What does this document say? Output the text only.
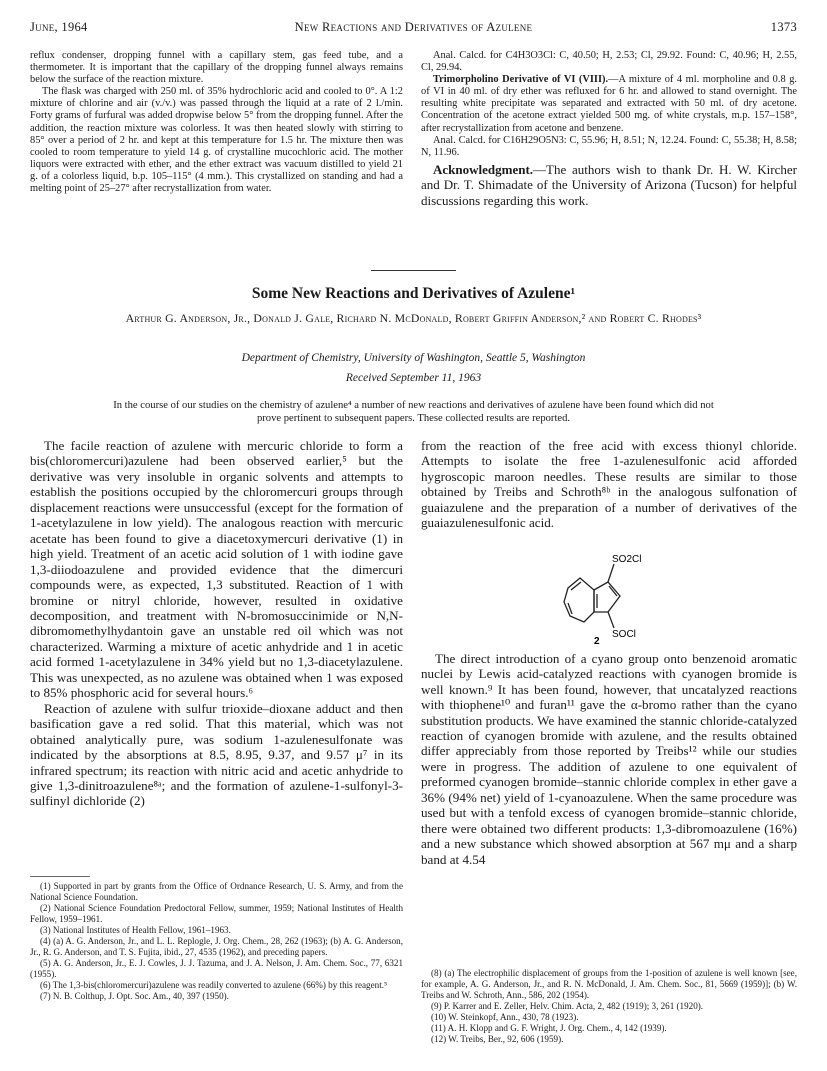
June, 1964	New Reactions and Derivatives of Azulene	1373

reflux condenser, dropping funnel with a capillary stem, gas feed tube, and a thermometer. It is important that the capillary of the dropping funnel always remains below the surface of the reaction mixture.

The flask was charged with 250 ml. of 35% hydrochloric acid and cooled to 0°. A 1:2 mixture of chlorine and air (v./v.) was passed through the liquid at a rate of 2 l./min. Forty grams of furfural was added dropwise below 5° from the dropping funnel. After the addition, the reaction mixture was colorless. It was then heated slowly with stirring to 85° over a period of 2 hr. and kept at this temperature for 1.5 hr. The mixture then was cooled to room temperature to yield 14 g. of crystalline mucochloric acid. The mother liquors were extracted with ether, and the ether extract was vacuum distilled to yield 21 g. of a colorless liquid, b.p. 105–115° (4 mm.). This crystallized on standing and had a melting point of 25–27° after recrystallization from water.

Anal. Calcd. for C4H3O3Cl: C, 40.50; H, 2.53; Cl, 29.92. Found: C, 40.96; H, 2.55, Cl, 29.94.

Trimorpholino Derivative of VI (VIII).—A mixture of 4 ml. morpholine and 0.8 g. of VI in 40 ml. of dry ether was refluxed for 6 hr. and allowed to stand overnight. The resulting white precipitate was separated and extracted with 50 ml. of dry acetone. Concentration of the acetone extract yielded 500 mg. of white crystals, m.p. 157–158°, after recrystallization from acetone and benzene.

Anal. Calcd. for C16H29O5N3: C, 55.96; H, 8.51; N, 12.24. Found: C, 55.38; H, 8.58; N, 11.96.

Acknowledgment.—The authors wish to thank Dr. H. W. Kircher and Dr. T. Shimadate of the University of Arizona (Tucson) for helpful discussions regarding this work.
Some New Reactions and Derivatives of Azulene¹
Arthur G. Anderson, Jr., Donald J. Gale, Richard N. McDonald, Robert Griffin Anderson,² and Robert C. Rhodes³
Department of Chemistry, University of Washington, Seattle 5, Washington
Received September 11, 1963
In the course of our studies on the chemistry of azulene⁴ a number of new reactions and derivatives of azulene have been found which did not prove pertinent to subsequent papers. These collected results are reported.

The facile reaction of azulene with mercuric chloride to form a bis(chloromercuri)azulene had been observed earlier,⁵ but the derivative was very insoluble in organic solvents and attempts to establish the positions occupied by the chloromercuri groups through displacement reactions were unsuccessful (except for the formation of 1-acetylazulene in low yield). The analogous reaction with mercuric acetate has been found to give a diacetoxymercuri derivative (1) in high yield. Treatment of an acetic acid solution of 1 with iodine gave 1,3-diiodoazulene and provided evidence that the dimercuri compounds were, as expected, 1,3 substituted. Reaction of 1 with bromine or nitryl chloride, however, resulted in oxidative decomposition, and treatment with N-bromosuccinimide or N,N-dibromomethylhydantoin gave an unstable red oil which was not characterized. Warming a mixture of acetic anhydride and 1 in acetic acid formed 1-acetylazulene in 34% yield but no 1,3-diacetylazulene. This was unexpected, as no azulene was obtained when 1 was exposed to 85% phosphoric acid for several hours.⁶

Reaction of azulene with sulfur trioxide–dioxane adduct and then basification gave a red solid. That this material, which was not obtained analytically pure, was sodium 1-azulenesulfonate was indicated by the absorptions at 8.5, 8.95, 9.37, and 9.57 μ⁷ in its infrared spectrum; its reaction with nitric acid and acetic anhydride to give 1,3-dinitroazulene⁸ᵃ; and the formation of azulene-1-sulfonyl-3-sulfinyl dichloride (2)

from the reaction of the free acid with excess thionyl chloride. Attempts to isolate the free 1-azulenesulfonic acid afforded hygroscopic maroon needles. These results are similar to those obtained by Treibs and Schroth⁸ᵇ in the analogous sulfonation of guaiazulene and the preparation of a number of derivatives of the guaiazulenesulfonic acid.

The direct introduction of a cyano group onto benzenoid aromatic nuclei by Lewis acid-catalyzed reactions with cyanogen bromide is well known.⁹ It has been found, however, that uncatalyzed reactions with thiophene¹⁰ and furan¹¹ gave the α-bromo rather than the cyano substitution products. We have examined the stannic chloride-catalyzed reaction of cyanogen bromide with azulene, and the results obtained differ appreciably from those reported by Treibs¹² while our studies were in progress. The addition of azulene to one equivalent of preformed cyanogen bromide–stannic chloride complex in ether gave a 36% (94% net) yield of 1-cyanoazulene. When the same procedure was used but with a tenfold excess of cyanogen bromide–stannic chloride, there were obtained two different products: 1,3-dibromoazulene (16%) and a new substance which showed absorption at 567 mμ and a sharp band at 4.54

SO2Cl
SOCl
2

(1) Supported in part by grants from the Office of Ordnance Research, U. S. Army, and from the National Science Foundation.

(2) National Science Foundation Predoctoral Fellow, summer, 1959; National Institutes of Health Fellow, 1959–1961.

(3) National Institutes of Health Fellow, 1961–1963.

(4) (a) A. G. Anderson, Jr., and L. L. Replogle, J. Org. Chem., 28, 262 (1963); (b) A. G. Anderson, Jr., R. G. Anderson, and T. S. Fujita, ibid., 27, 4535 (1962), and preceding papers.

(5) A. G. Anderson, Jr., E. J. Cowles, J. J. Tazuma, and J. A. Nelson, J. Am. Chem. Soc., 77, 6321 (1955).

(6) The 1,3-bis(chloromercuri)azulene was readily converted to azulene (66%) by this reagent.⁵

(7) N. B. Colthup, J. Opt. Soc. Am., 40, 397 (1950).

(8) (a) The electrophilic displacement of groups from the 1-position of azulene is well known [see, for example, A. G. Anderson, Jr., and R. N. McDonald, J. Am. Chem. Soc., 81, 5669 (1959)]; (b) W. Treibs and W. Schroth, Ann., 586, 202 (1954).

(9) P. Karrer and E. Zeller, Helv. Chim. Acta, 2, 482 (1919); 3, 261 (1920).

(10) W. Steinkopf, Ann., 430, 78 (1923).

(11) A. H. Klopp and G. F. Wright, J. Org. Chem., 4, 142 (1939).

(12) W. Treibs, Ber., 92, 606 (1959).
